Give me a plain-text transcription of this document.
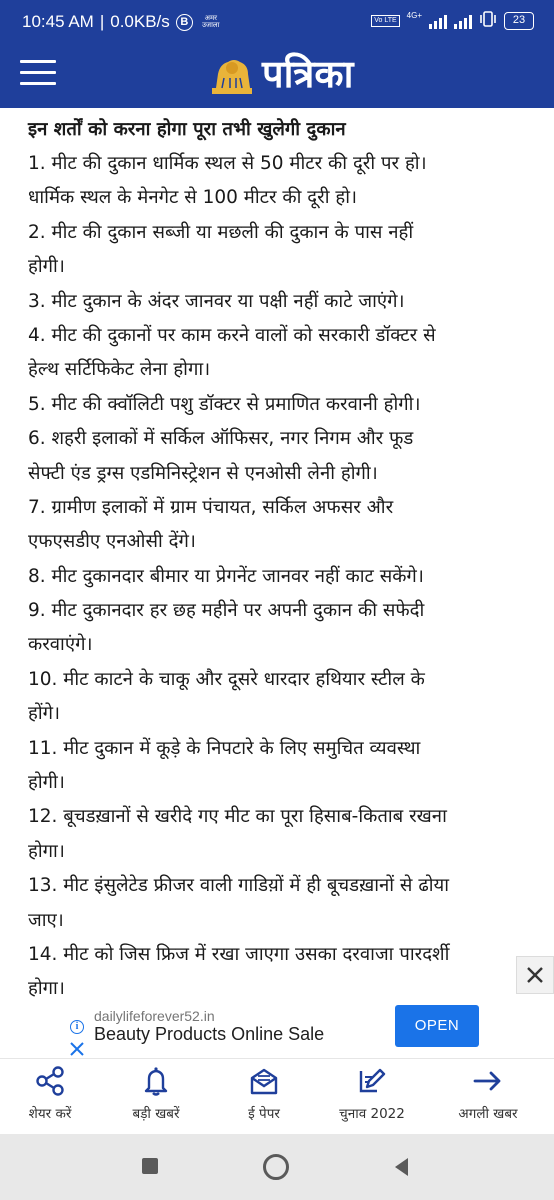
10:45 AM | 0.0KB/s B	अमर उजाला
Vo LTE
4G+	23
पत्रिका
इन शर्तों को करना होगा पूरा तभी खुलेगी दुकान
1. मीट की दुकान धार्मिक स्थल से 50 मीटर की दूरी पर हो।
धार्मिक स्थल के मेनगेट से 100 मीटर की दूरी हो।
2. मीट की दुकान सब्जी या मछली की दुकान के पास नहीं
होगी।
3. मीट दुकान के अंदर जानवर या पक्षी नहीं काटे जाएंगे।
4. मीट की दुकानों पर काम करने वालों को सरकारी डॉक्टर से
हेल्थ सर्टिफिकेट लेना होगा।
5. मीट की क्वॉलिटी पशु डॉक्टर से प्रमाणित करवानी होगी।
6. शहरी इलाकों में सर्किल ऑफिसर, नगर निगम और फूड
सेफ्टी एंड ड्रग्स एडमिनिस्ट्रेशन से एनओसी लेनी होगी।
7. ग्रामीण इलाकों में ग्राम पंचायत, सर्किल अफसर और
एफएसडीए एनओसी देंगे।
8. मीट दुकानदार बीमार या प्रेगनेंट जानवर नहीं काट सकेंगे।
9. मीट दुकानदार हर छह महीने पर अपनी दुकान की सफेदी
करवाएंगे।
10. मीट काटने के चाकू और दूसरे धारदार हथियार स्टील के
होंगे।
11. मीट दुकान में कूड़े के निपटारे के लिए समुचित व्यवस्था
होगी।
12. बूचडख़ानों से खरीदे गए मीट का पूरा हिसाब-किताब रखना
होगा।
13. मीट इंसुलेटेड फ्रीजर वाली गाडिय़ों में ही बूचडख़ानों से ढोया
जाए।
14. मीट को जिस फ्रिज में रखा जाएगा उसका दरवाजा पारदर्शी
होगा।
i
dailylifeforever52.in
Beauty Products Online Sale	OPEN
शेयर करें	बड़ी खबरें	ई पेपर	चुनाव 2022	अगली खबर
